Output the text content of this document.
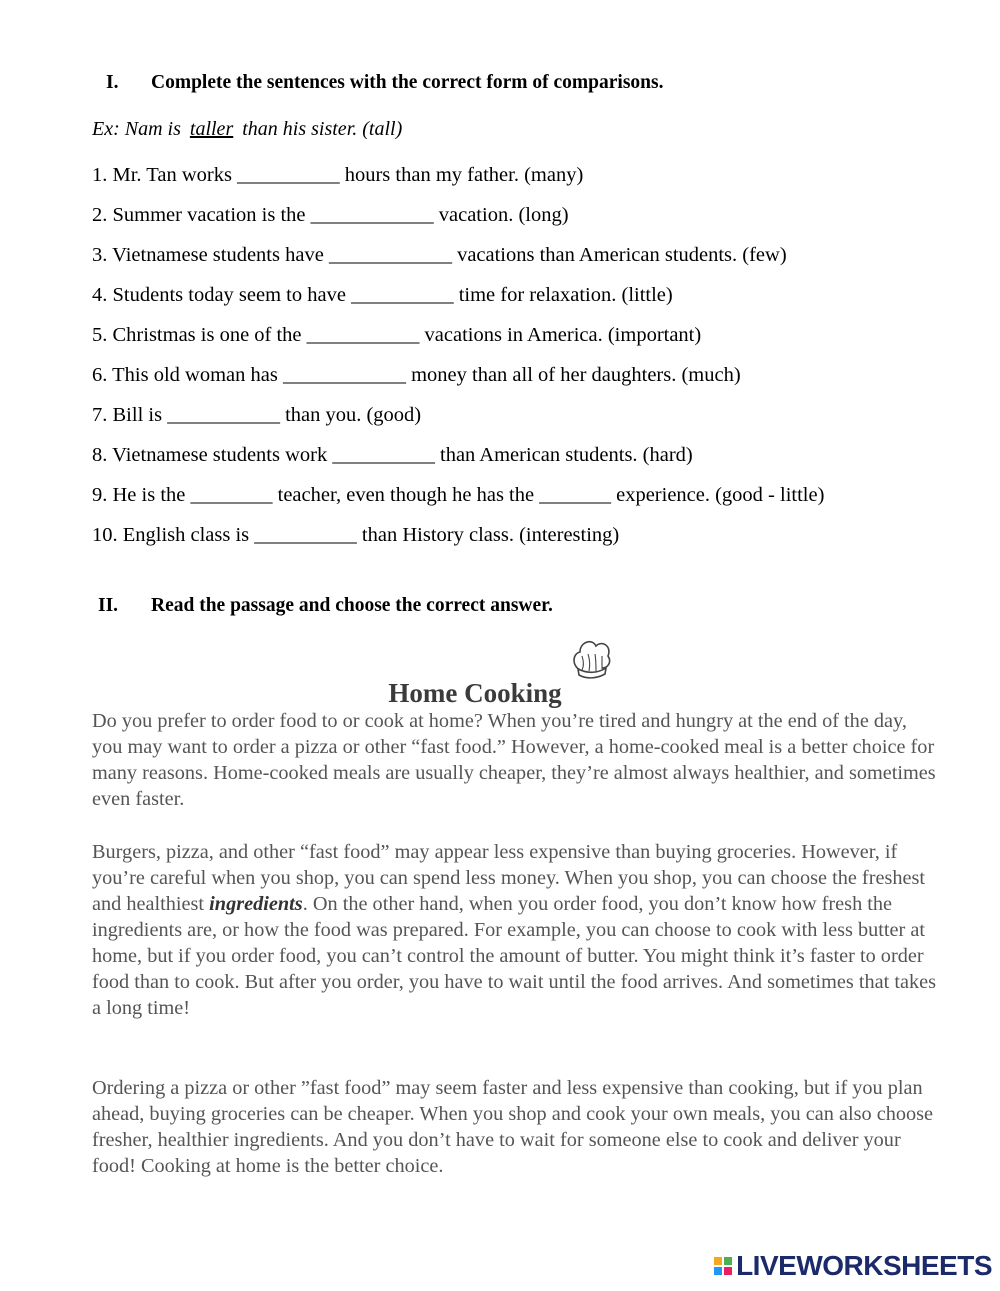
I. Complete the sentences with the correct form of comparisons.
Ex: Nam is taller than his sister. (tall)
1. Mr. Tan works __________ hours than my father. (many)
2. Summer vacation is the ____________ vacation. (long)
3. Vietnamese students have ____________ vacations than American students. (few)
4. Students today seem to have __________ time for relaxation. (little)
5. Christmas is one of the ___________ vacations in America. (important)
6. This old woman has ____________ money than all of her daughters. (much)
7. Bill is ___________ than you. (good)
8. Vietnamese students work __________ than American students. (hard)
9. He is the ________ teacher, even though he has the _______ experience. (good - little)
10. English class is __________ than History class. (interesting)
II. Read the passage and choose the correct answer.
Home Cooking

Do you prefer to order food to or cook at home? When you’re tired and hungry at the end of the day, you may want to order a pizza or other “fast food.” However, a home-cooked meal is a better choice for many reasons. Home-cooked meals are usually cheaper, they’re almost always healthier, and sometimes even faster.

Burgers, pizza, and other “fast food” may appear less expensive than buying groceries. However, if you’re careful when you shop, you can spend less money. When you shop, you can choose the freshest and healthiest ingredients. On the other hand, when you order food, you don’t know how fresh the ingredients are, or how the food was prepared. For example, you can choose to cook with less butter at home, but if you order food, you can’t control the amount of butter. You might think it’s faster to order food than to cook. But after you order, you have to wait until the food arrives. And sometimes that takes a long time!

Ordering a pizza or other ”fast food” may seem faster and less expensive than cooking, but if you plan ahead, buying groceries can be cheaper. When you shop and cook your own meals, you can also choose fresher, healthier ingredients. And you don’t have to wait for someone else to cook and deliver your food! Cooking at home is the better choice.

LIVEWORKSHEETS
